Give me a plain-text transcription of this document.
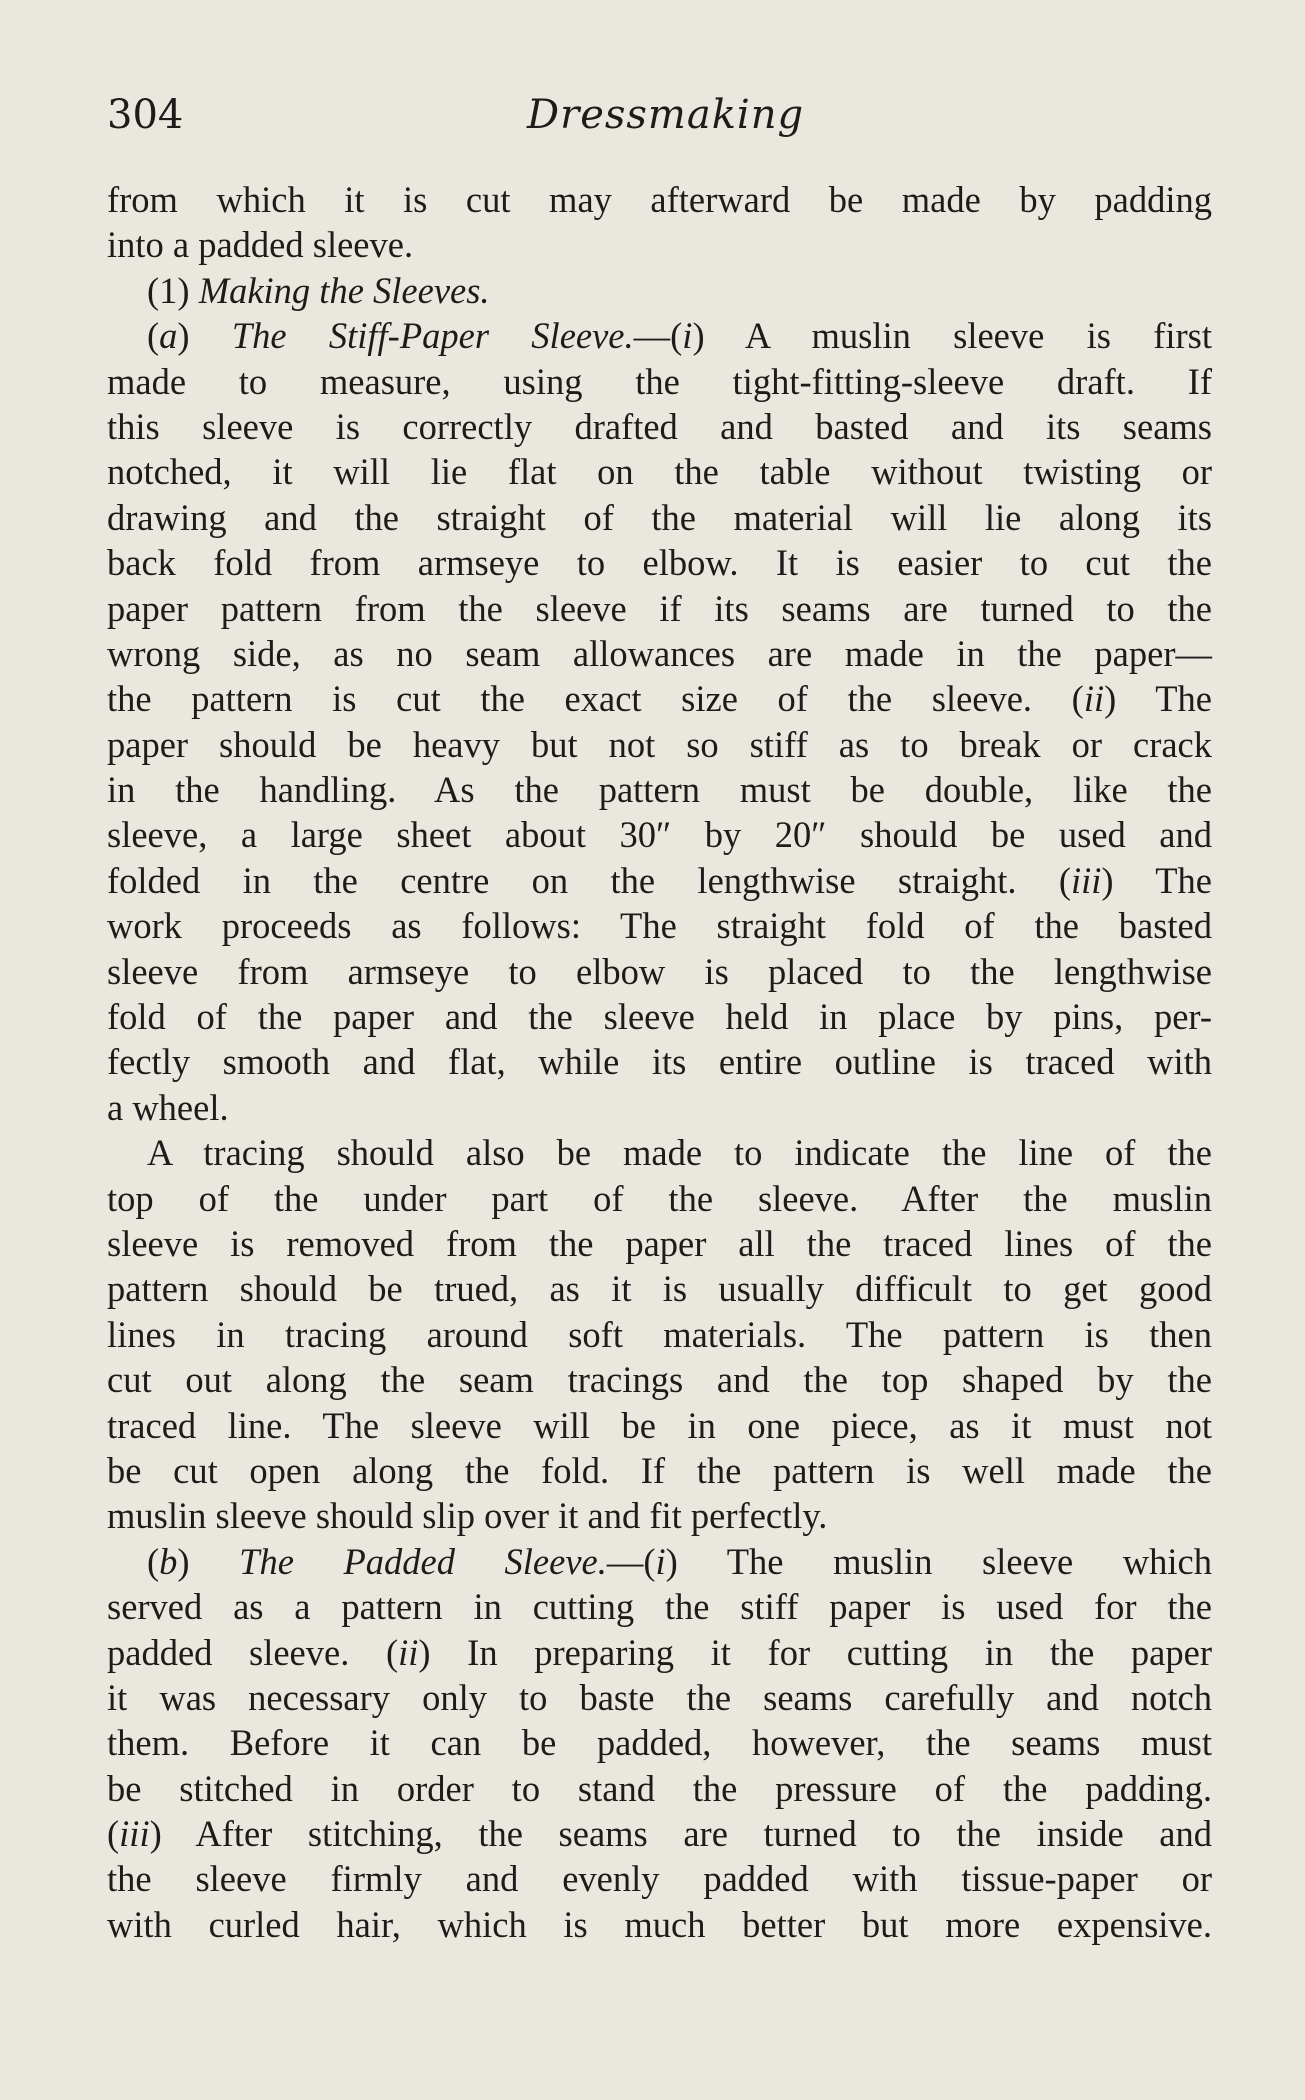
304	Dressmaking
from which it is cut may afterward be made by padding
into a padded sleeve.
(1) Making the Sleeves.
(a) The Stiff-Paper Sleeve.—(i) A muslin sleeve is first
made to measure, using the tight-fitting-sleeve draft. If
this sleeve is correctly drafted and basted and its seams
notched, it will lie flat on the table without twisting or
drawing and the straight of the material will lie along its
back fold from armseye to elbow. It is easier to cut the
paper pattern from the sleeve if its seams are turned to the
wrong side, as no seam allowances are made in the paper—
the pattern is cut the exact size of the sleeve. (ii) The
paper should be heavy but not so stiff as to break or crack
in the handling. As the pattern must be double, like the
sleeve, a large sheet about 30″ by 20″ should be used and
folded in the centre on the lengthwise straight. (iii) The
work proceeds as follows: The straight fold of the basted
sleeve from armseye to elbow is placed to the lengthwise
fold of the paper and the sleeve held in place by pins, per-
fectly smooth and flat, while its entire outline is traced with
a wheel.
A tracing should also be made to indicate the line of the
top of the under part of the sleeve. After the muslin
sleeve is removed from the paper all the traced lines of the
pattern should be trued, as it is usually difficult to get good
lines in tracing around soft materials. The pattern is then
cut out along the seam tracings and the top shaped by the
traced line. The sleeve will be in one piece, as it must not
be cut open along the fold. If the pattern is well made the
muslin sleeve should slip over it and fit perfectly.
(b) The Padded Sleeve.—(i) The muslin sleeve which
served as a pattern in cutting the stiff paper is used for the
padded sleeve. (ii) In preparing it for cutting in the paper
it was necessary only to baste the seams carefully and notch
them. Before it can be padded, however, the seams must
be stitched in order to stand the pressure of the padding.
(iii) After stitching, the seams are turned to the inside and
the sleeve firmly and evenly padded with tissue-paper or
with curled hair, which is much better but more expensive.
